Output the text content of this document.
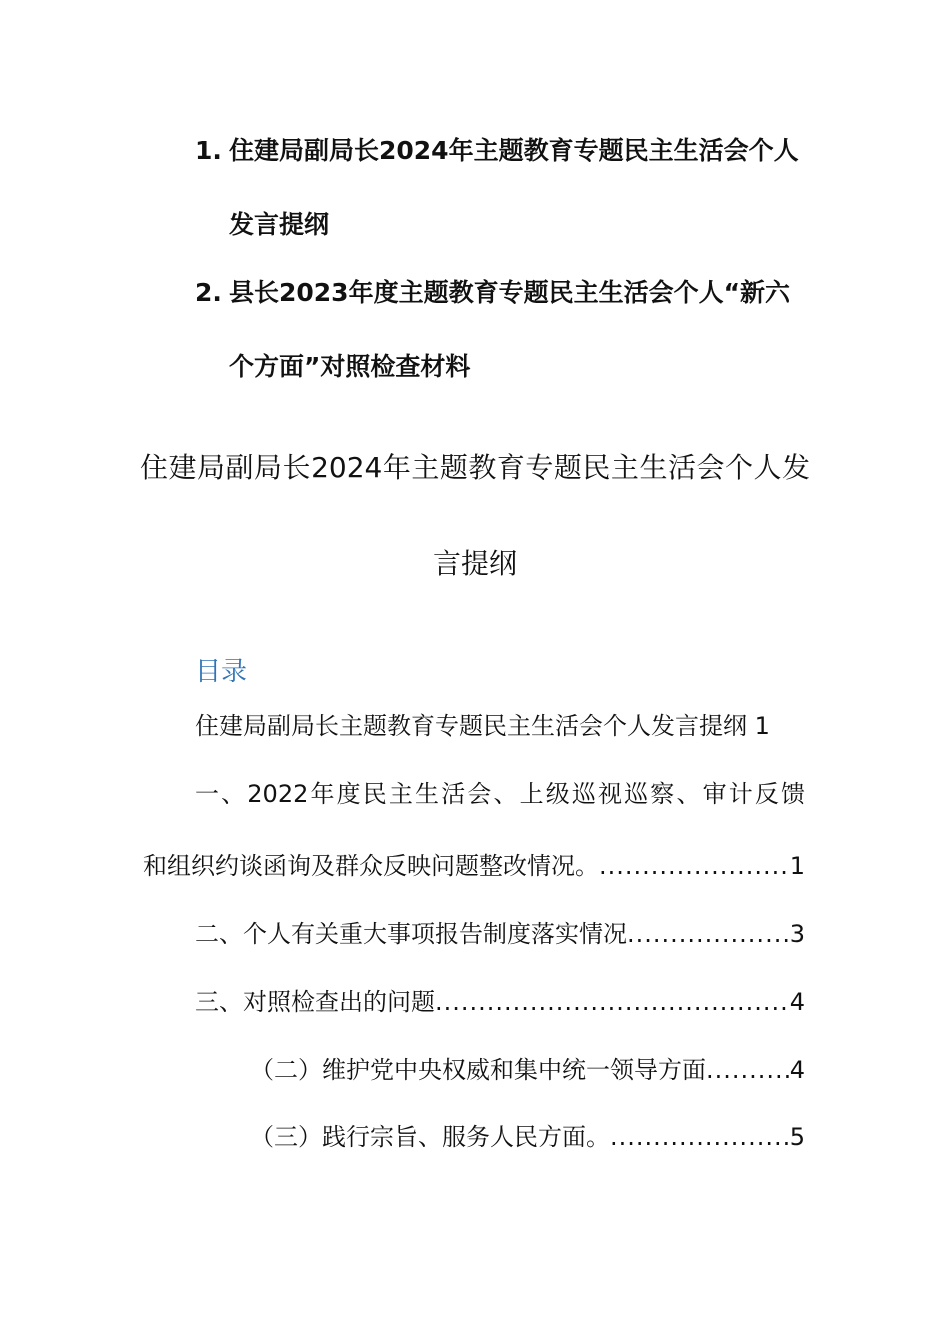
1. 住建局副局长2024年主题教育专题民主生活会个人发言提纲
2. 县长2023年度主题教育专题民主生活会个人“新六个方面”对照检查材料
住建局副局长2024年主题教育专题民主生活会个人发言提纲
目录
住建局副局长主题教育专题民主生活会个人发言提纲 1
一、2022年度民主生活会、上级巡视巡察、审计反馈
和组织约谈函询及群众反映问题整改情况。 .....	1
二、个人有关重大事项报告制度落实情况 .....	3
三、对照检查出的问题 .....	4
（二）维护党中央权威和集中统一领导方面 .....	4
（三）践行宗旨、服务人民方面。 .....	5
